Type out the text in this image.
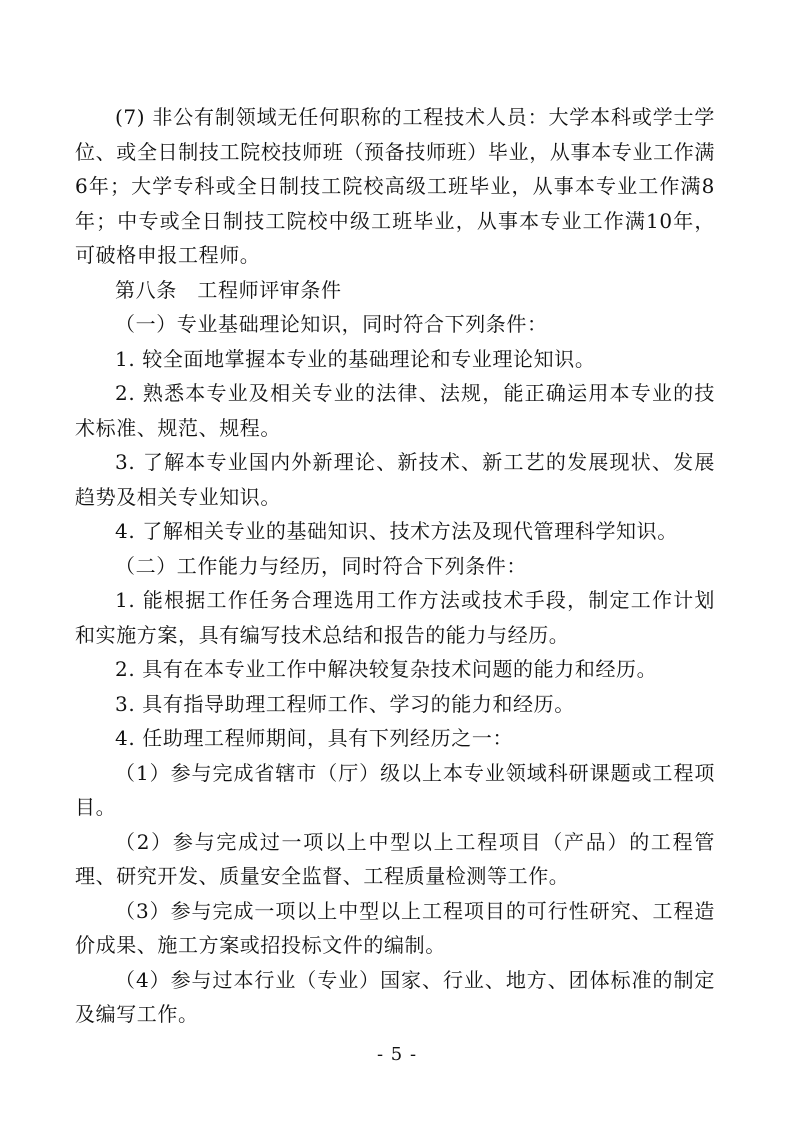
(7) 非公有制领域无任何职称的工程技术人员：大学本科或学士学位、或全日制技工院校技师班（预备技师班）毕业，从事本专业工作满6年；大学专科或全日制技工院校高级工班毕业，从事本专业工作满8年；中专或全日制技工院校中级工班毕业，从事本专业工作满10年，可破格申报工程师。

第八条　工程师评审条件

（一）专业基础理论知识，同时符合下列条件：

1. 较全面地掌握本专业的基础理论和专业理论知识。

2. 熟悉本专业及相关专业的法律、法规，能正确运用本专业的技术标准、规范、规程。

3. 了解本专业国内外新理论、新技术、新工艺的发展现状、发展趋势及相关专业知识。

4. 了解相关专业的基础知识、技术方法及现代管理科学知识。

（二）工作能力与经历，同时符合下列条件：

1. 能根据工作任务合理选用工作方法或技术手段，制定工作计划和实施方案，具有编写技术总结和报告的能力与经历。

2. 具有在本专业工作中解决较复杂技术问题的能力和经历。

3. 具有指导助理工程师工作、学习的能力和经历。

4. 任助理工程师期间，具有下列经历之一：

（1）参与完成省辖市（厅）级以上本专业领域科研课题或工程项目。

（2）参与完成过一项以上中型以上工程项目（产品）的工程管理、研究开发、质量安全监督、工程质量检测等工作。

（3）参与完成一项以上中型以上工程项目的可行性研究、工程造价成果、施工方案或招投标文件的编制。

（4）参与过本行业（专业）国家、行业、地方、团体标准的制定及编写工作。

- 5 -
